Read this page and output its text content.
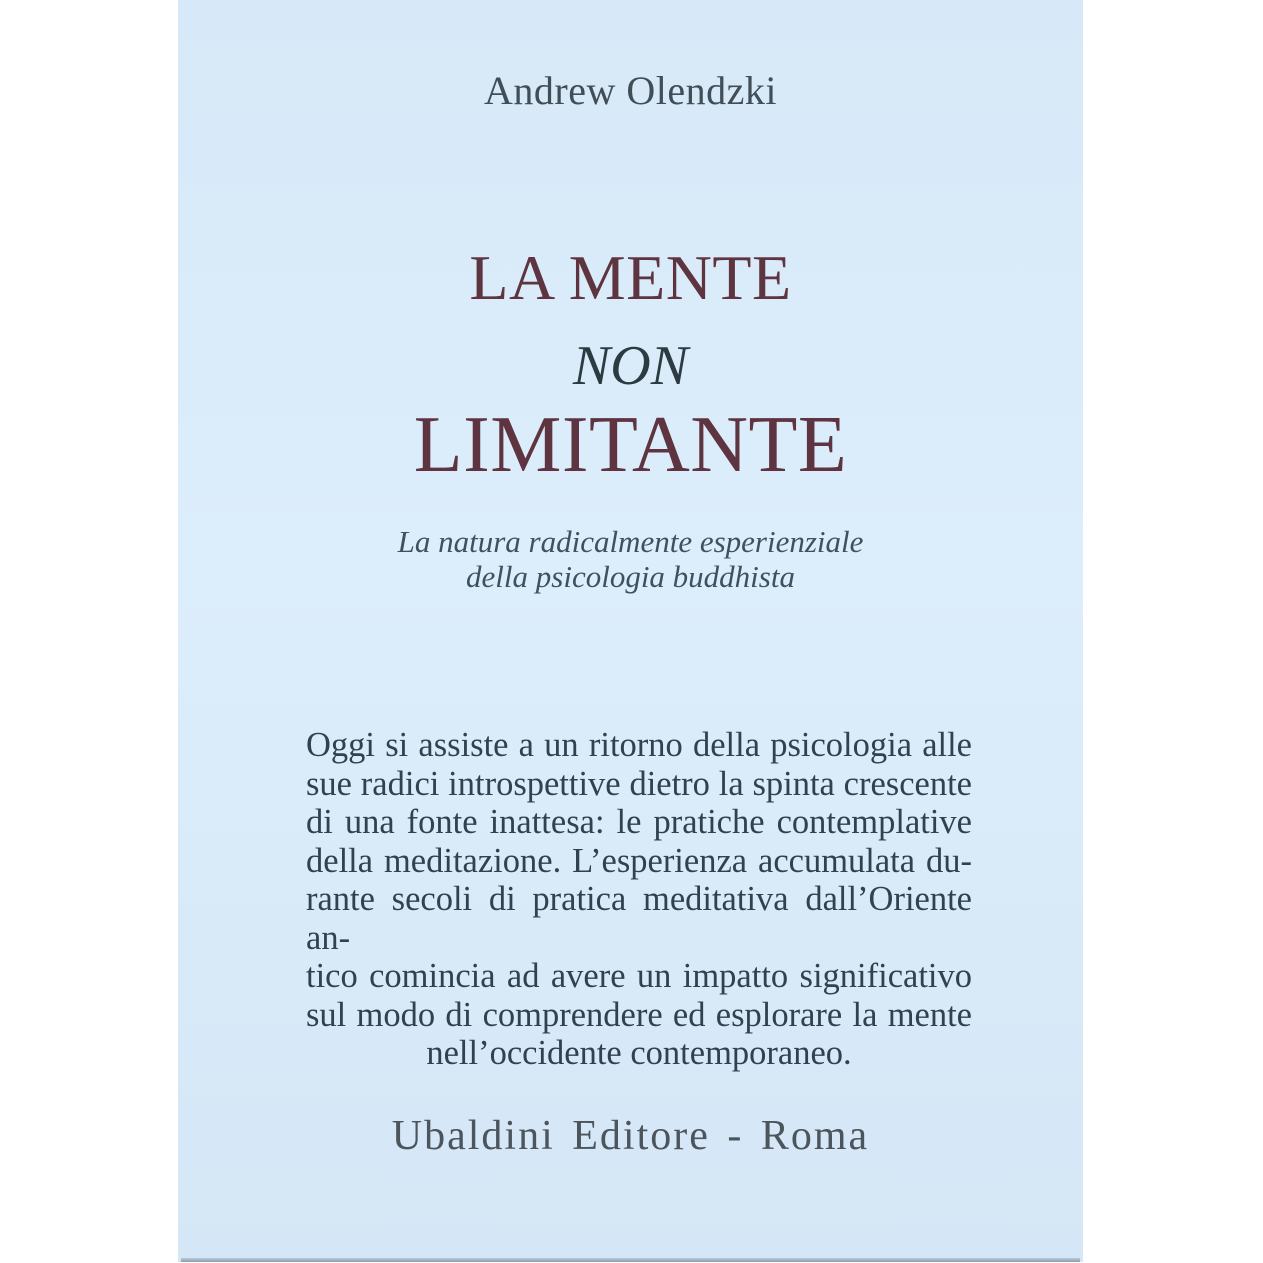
Andrew Olendzki
LA MENTE
NON
LIMITANTE
La natura radicalmente esperienziale
della psicologia buddhista
Oggi si assiste a un ritorno della psicologia alle
sue radici introspettive dietro la spinta crescente
di una fonte inattesa: le pratiche contemplative
della meditazione. L’esperienza accumulata du-
rante secoli di pratica meditativa dall’Oriente an-
tico comincia ad avere un impatto significativo
sul modo di comprendere ed esplorare la mente
nell’occidente contemporaneo.
Ubaldini Editore - Roma
